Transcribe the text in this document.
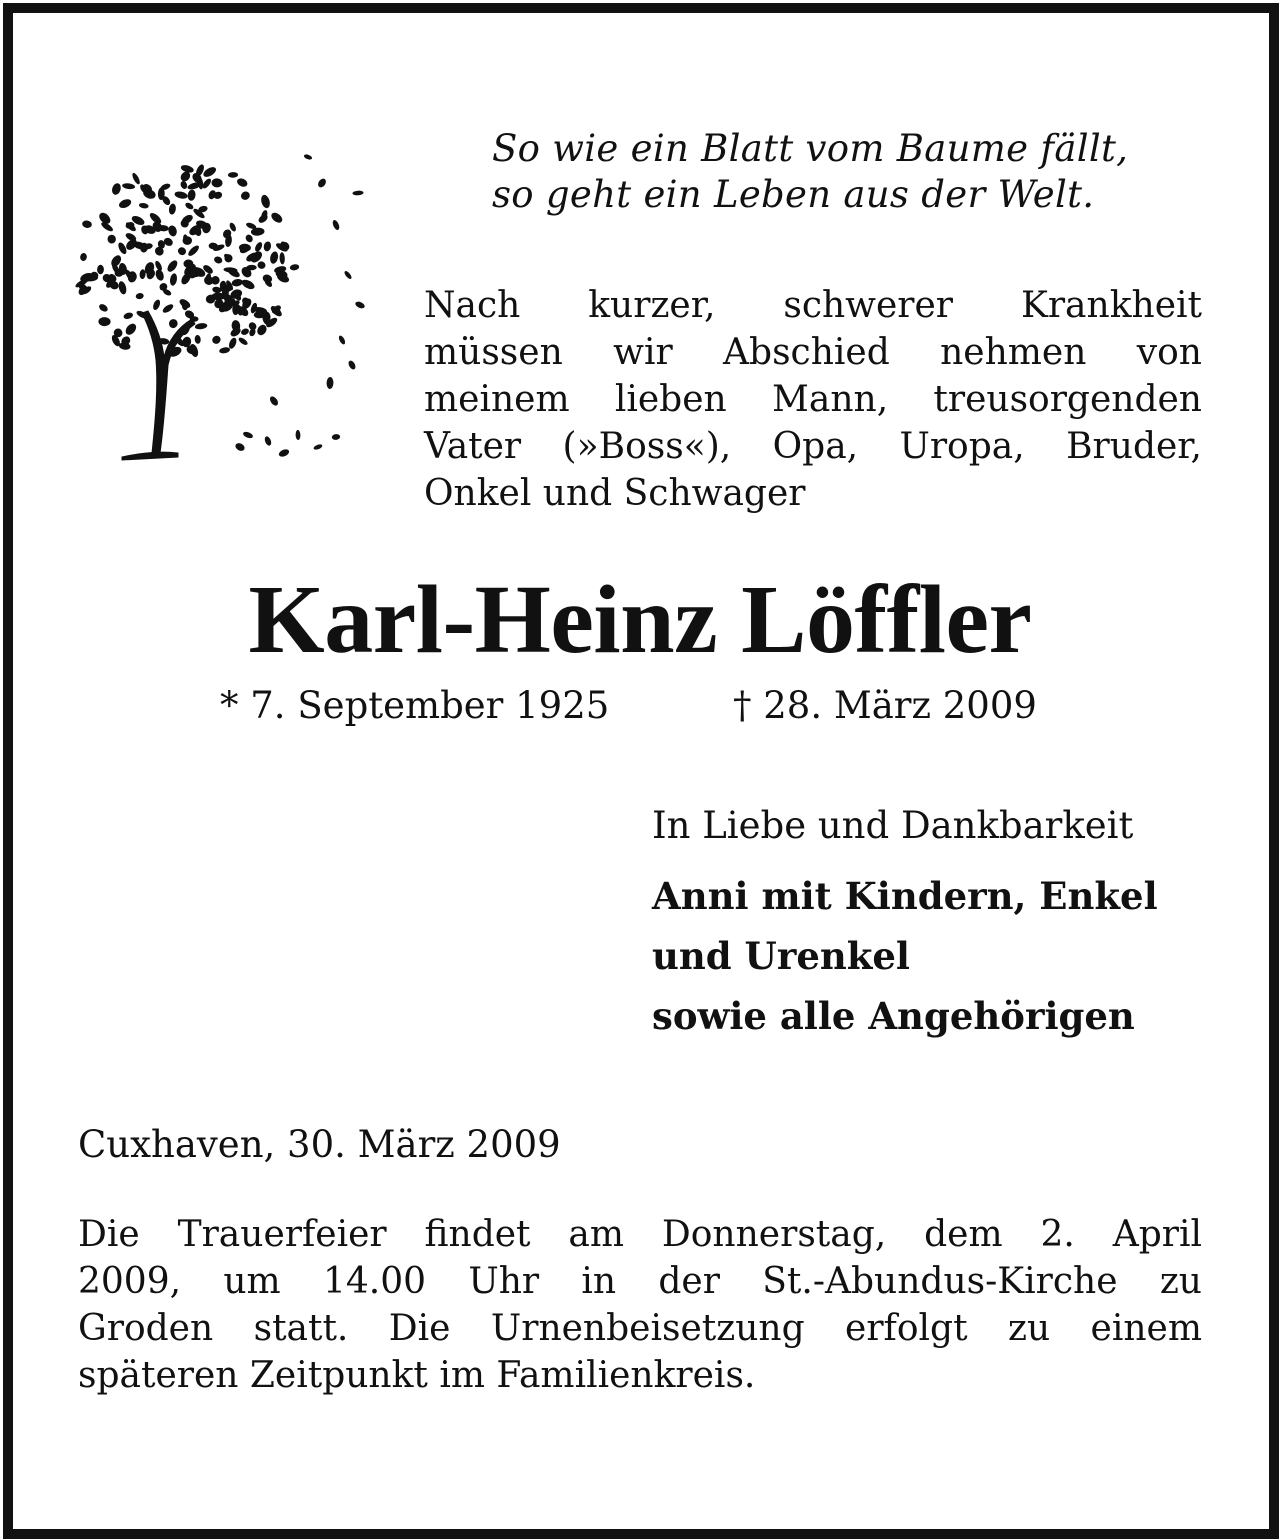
So wie ein Blatt vom Baume fällt,
so geht ein Leben aus der Welt.
Nach kurzer, schwerer Krankheit
müssen wir Abschied nehmen von
meinem lieben Mann, treusorgenden
Vater (»Boss«), Opa, Uropa, Bruder,
Onkel und Schwager
Karl-Heinz Löffler
* 7. September 1925	† 28. März 2009
In Liebe und Dankbarkeit
Anni mit Kindern, Enkel
und Urenkel
sowie alle Angehörigen
Cuxhaven, 30. März 2009
Die Trauerfeier findet am Donnerstag, dem 2. April
2009, um 14.00 Uhr in der St.-Abundus-Kirche zu
Groden statt. Die Urnenbeisetzung erfolgt zu einem
späteren Zeitpunkt im Familienkreis.
